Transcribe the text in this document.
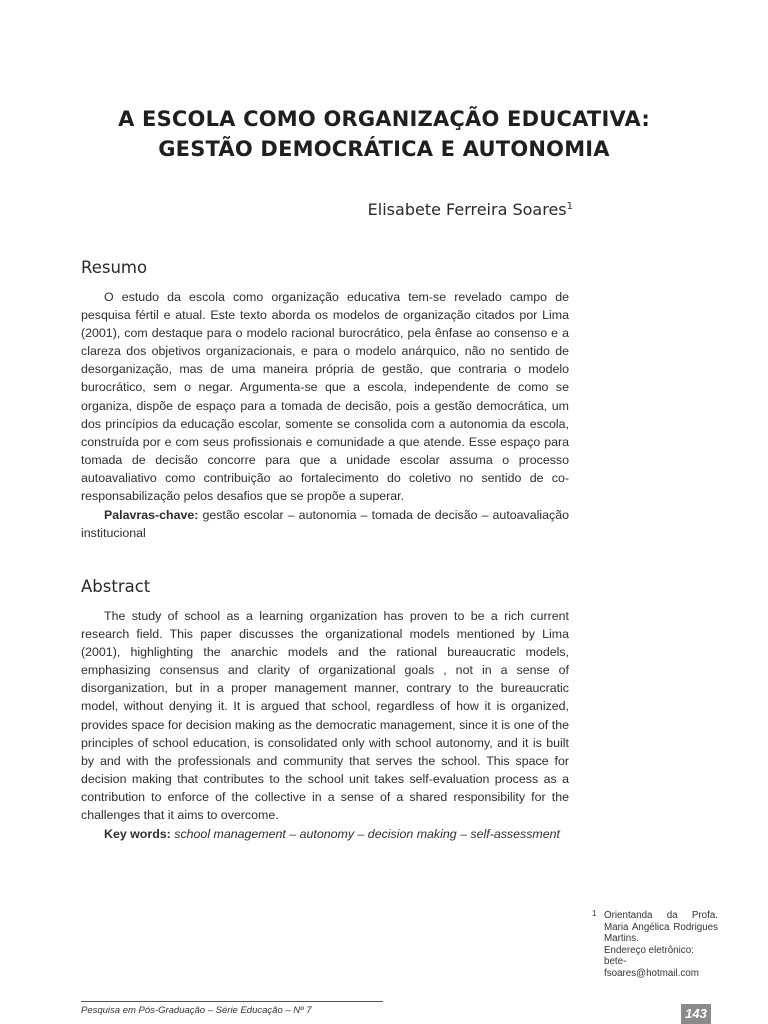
A ESCOLA COMO ORGANIZAÇÃO EDUCATIVA:
GESTÃO DEMOCRÁTICA E AUTONOMIA
Elisabete Ferreira Soares$^1$
Resumo
O estudo da escola como organização educativa tem-se revelado campo de pesquisa fértil e atual. Este texto aborda os modelos de organização citados por Lima (2001), com destaque para o modelo racional burocrático, pela ênfase ao consenso e a clareza dos objetivos organizacionais, e para o modelo anárquico, não no sentido de desorganização, mas de uma maneira própria de gestão, que contraria o modelo burocrático, sem o negar. Argumenta-se que a escola, independente de como se organiza, dispõe de espaço para a tomada de decisão, pois a gestão democrática, um dos princípios da educação escolar, somente se consolida com a autonomia da escola, construída por e com seus profissionais e comunidade a que atende. Esse espaço para tomada de decisão concorre para que a unidade escolar assuma o processo autoavaliativo como contribuição ao fortalecimento do coletivo no sentido de co-responsabilização pelos desafios que se propõe a superar.
Palavras-chave: gestão escolar – autonomia – tomada de decisão – autoavaliação institucional
Abstract
The study of school as a learning organization has proven to be a rich current research field. This paper discusses the organizational models mentioned by Lima (2001), highlighting the anarchic models and the rational bureaucratic models, emphasizing consensus and clarity of organizational goals , not in a sense of disorganization, but in a proper management manner, contrary to the bureaucratic model, without denying it. It is argued that school, regardless of how it is organized, provides space for decision making as the democratic management, since it is one of the principles of school education, is consolidated only with school autonomy, and it is built by and with the professionals and community that serves the school. This space for decision making that contributes to the school unit takes self-evaluation process as a contribution to enforce of the collective in a sense of a shared responsibility for the challenges that it aims to overcome.
Key words: school management – autonomy – decision making – self-assessment
1 Orientanda da Profa. Maria Angélica Rodrigues Martins.
Endereço eletrônico:
bete-fsoares@hotmail.com
Pesquisa em Pós-Graduação – Série Educação – Nº 7	143
